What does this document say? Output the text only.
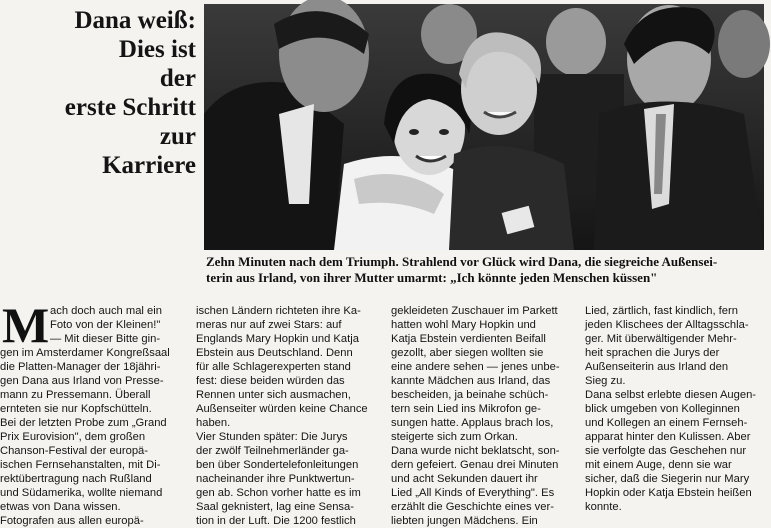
Dana weiß:
Dies ist
der
erste Schritt
zur
Karriere
Zehn Minuten nach dem Triumph. Strahlend vor Glück wird Dana, die siegreiche Außensei-
terin aus Irland, von ihrer Mutter umarmt: „Ich könnte jeden Menschen küssen"
M ach doch auch mal ein
Foto von der Kleinen!"
— Mit dieser Bitte gin-
gen im Amsterdamer Kongreßsaal
die Platten-Manager der 18jähri-
gen Dana aus Irland von Presse-
mann zu Pressemann. Überall
ernteten sie nur Kopfschütteln.
Bei der letzten Probe zum „Grand
Prix Eurovision", dem großen
Chanson-Festival der europä-
ischen Fernsehanstalten, mit Di-
rektübertragung nach Rußland
und Südamerika, wollte niemand
etwas von Dana wissen.
Fotografen aus allen europä-
ischen Ländern richteten ihre Ka-
meras nur auf zwei Stars: auf
Englands Mary Hopkin und Katja
Ebstein aus Deutschland. Denn
für alle Schlagerexperten stand
fest: diese beiden würden das
Rennen unter sich ausmachen,
Außenseiter würden keine Chance
haben.
Vier Stunden später: Die Jurys
der zwölf Teilnehmerländer ga-
ben über Sondertelefonleitungen
nacheinander ihre Punktwertun-
gen ab. Schon vorher hatte es im
Saal geknistert, lag eine Sensa-
tion in der Luft. Die 1200 festlich
gekleideten Zuschauer im Parkett
hatten wohl Mary Hopkin und
Katja Ebstein verdienten Beifall
gezollt, aber siegen wollten sie
eine andere sehen — jenes unbe-
kannte Mädchen aus Irland, das
bescheiden, ja beinahe schüch-
tern sein Lied ins Mikrofon ge-
sungen hatte. Applaus brach los,
steigerte sich zum Orkan.
Dana wurde nicht beklatscht, son-
dern gefeiert. Genau drei Minuten
und acht Sekunden dauert ihr
Lied „All Kinds of Everything". Es
erzählt die Geschichte eines ver-
liebten jungen Mädchens. Ein
Lied, zärtlich, fast kindlich, fern
jeden Klischees der Alltagsschla-
ger. Mit überwältigender Mehr-
heit sprachen die Jurys der
Außenseiterin aus Irland den
Sieg zu.
Dana selbst erlebte diesen Augen-
blick umgeben von Kolleginnen
und Kollegen an einem Fernseh-
apparat hinter den Kulissen. Aber
sie verfolgte das Geschehen nur
mit einem Auge, denn sie war
sicher, daß die Siegerin nur Mary
Hopkin oder Katja Ebstein heißen
konnte.
